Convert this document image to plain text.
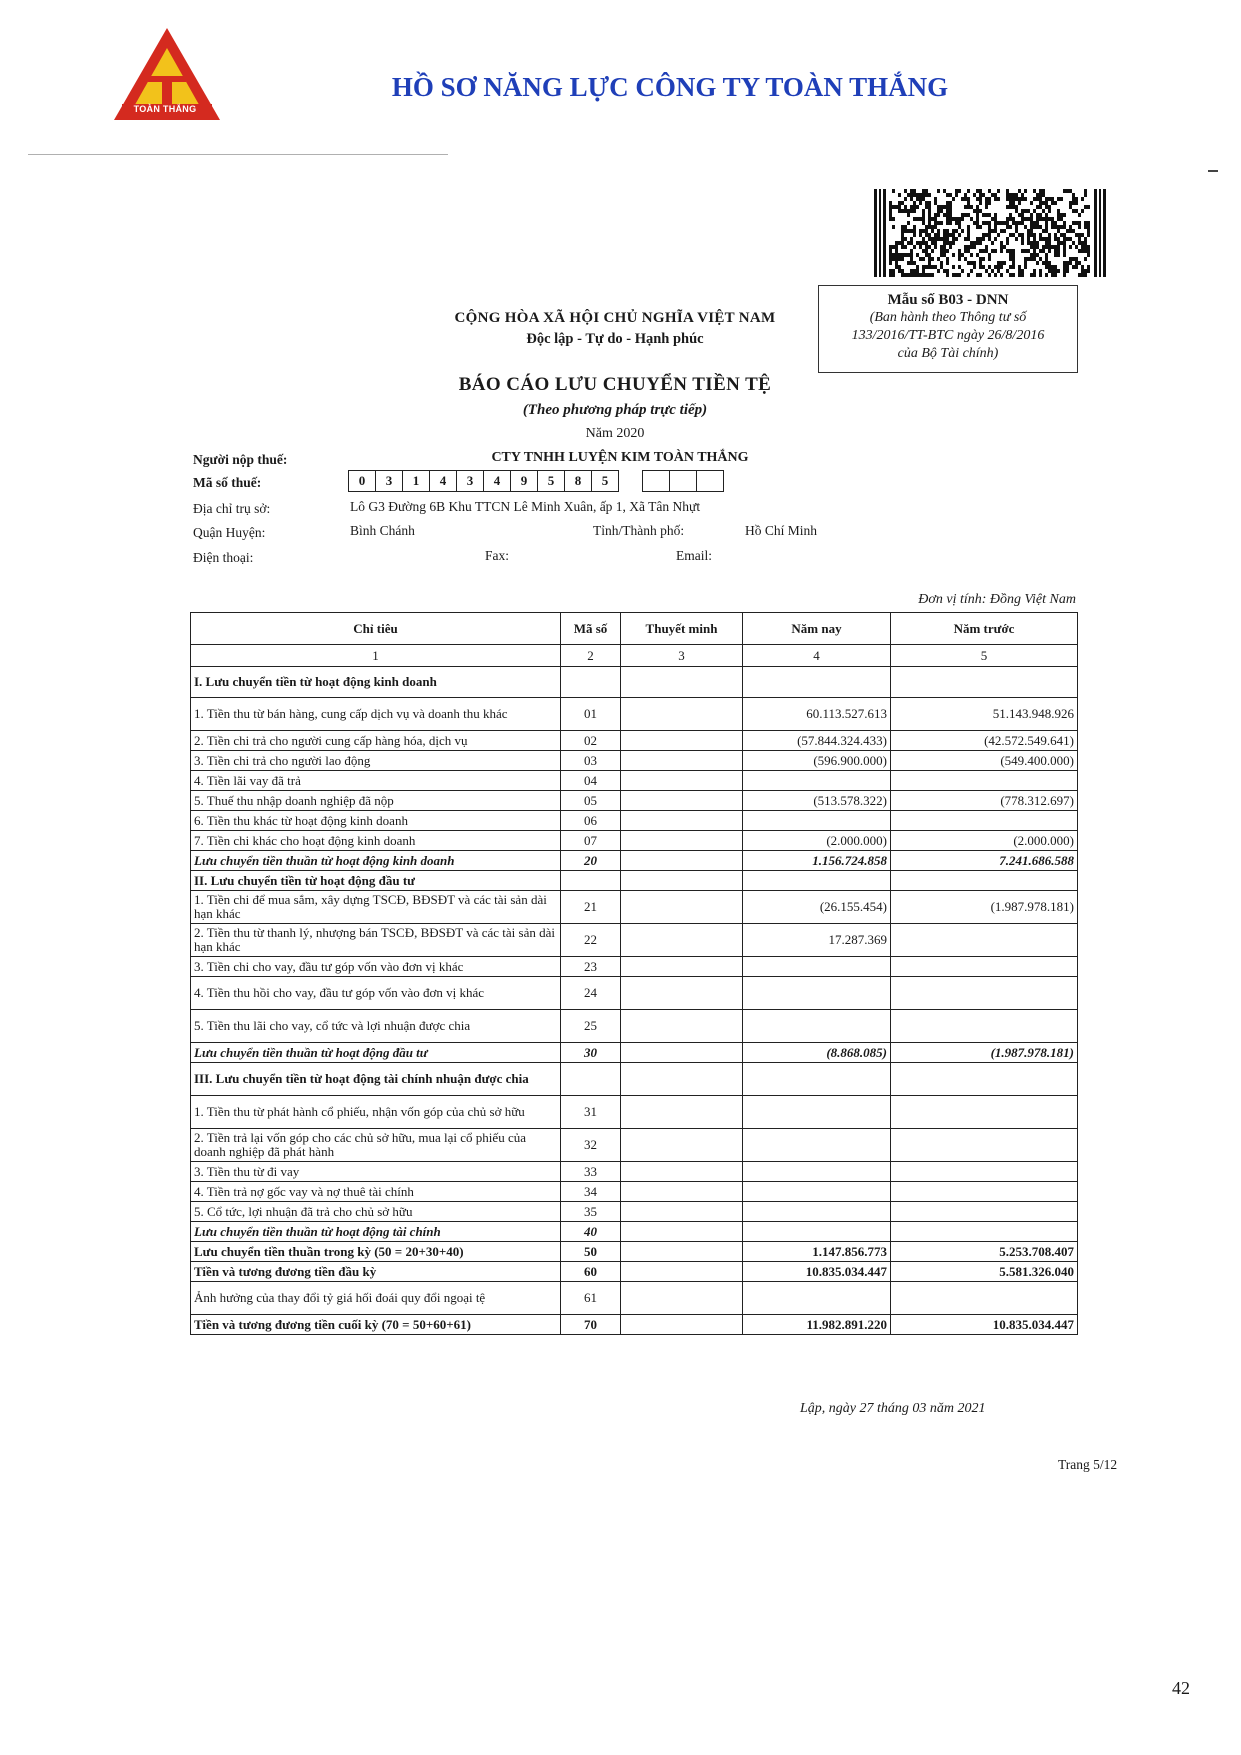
TOÀN THẮNG
HỒ SƠ NĂNG LỰC CÔNG TY TOÀN THẮNG
Mẫu số B03 - DNN
(Ban hành theo Thông tư số
133/2016/TT-BTC ngày 26/8/2016
của Bộ Tài chính)
CỘNG HÒA XÃ HỘI CHỦ NGHĨA VIỆT NAM
Độc lập - Tự do - Hạnh phúc
BÁO CÁO LƯU CHUYỂN TIỀN TỆ
(Theo phương pháp trực tiếp)
Năm 2020
Người nộp thuế:	CTY TNHH LUYỆN KIM TOÀN THẮNG
Mã số thuế:	0	3	1	4	3	4	9	5	8	5
Địa chỉ trụ sở:	Lô G3 Đường 6B Khu TTCN Lê Minh Xuân, ấp 1, Xã Tân Nhựt
Quận Huyện:	Bình Chánh	Tỉnh/Thành phố:	Hồ Chí Minh
Điện thoại:	Fax:	Email:
Đơn vị tính: Đồng Việt Nam
Chỉ tiêu	Mã số	Thuyết minh	Năm nay	Năm trước
1	2	3	4	5
I. Lưu chuyển tiền từ hoạt động kinh doanh				
1. Tiền thu từ bán hàng, cung cấp dịch vụ và doanh thu khác	01		60.113.527.613	51.143.948.926
2. Tiền chi trả cho người cung cấp hàng hóa, dịch vụ	02		(57.844.324.433)	(42.572.549.641)
3. Tiền chi trả cho người lao động	03		(596.900.000)	(549.400.000)
4. Tiền lãi vay đã trả	04			
5. Thuế thu nhập doanh nghiệp đã nộp	05		(513.578.322)	(778.312.697)
6. Tiền thu khác từ hoạt động kinh doanh	06			
7. Tiền chi khác cho hoạt động kinh doanh	07		(2.000.000)	(2.000.000)
Lưu chuyển tiền thuần từ hoạt động kinh doanh	20		1.156.724.858	7.241.686.588
II. Lưu chuyển tiền từ hoạt động đầu tư				
1. Tiền chi để mua sắm, xây dựng TSCĐ, BĐSĐT và các tài sản dài hạn khác	21		(26.155.454)	(1.987.978.181)
2. Tiền thu từ thanh lý, nhượng bán TSCĐ, BĐSĐT và các tài sản dài hạn khác	22		17.287.369	
3. Tiền chi cho vay, đầu tư góp vốn vào đơn vị khác	23			
4. Tiền thu hồi cho vay, đầu tư góp vốn vào đơn vị khác	24			
5. Tiền thu lãi cho vay, cổ tức và lợi nhuận được chia	25			
Lưu chuyển tiền thuần từ hoạt động đầu tư	30		(8.868.085)	(1.987.978.181)
III. Lưu chuyển tiền từ hoạt động tài chính nhuận được chia				
1. Tiền thu từ phát hành cổ phiếu, nhận vốn góp của chủ sở hữu	31			
2. Tiền trả lại vốn góp cho các chủ sở hữu, mua lại cổ phiếu của doanh nghiệp đã phát hành	32			
3. Tiền thu từ đi vay	33			
4. Tiền trả nợ gốc vay và nợ thuê tài chính	34			
5. Cổ tức, lợi nhuận đã trả cho chủ sở hữu	35			
Lưu chuyển tiền thuần từ hoạt động tài chính	40			
Lưu chuyển tiền thuần trong kỳ (50 = 20+30+40)	50		1.147.856.773	5.253.708.407
Tiền và tương đương tiền đầu kỳ	60		10.835.034.447	5.581.326.040
Ảnh hưởng của thay đổi tỷ giá hối đoái quy đổi ngoại tệ	61			
Tiền và tương đương tiền cuối kỳ (70 = 50+60+61)	70		11.982.891.220	10.835.034.447
Lập, ngày 27 tháng 03 năm 2021
Trang 5/12
42
